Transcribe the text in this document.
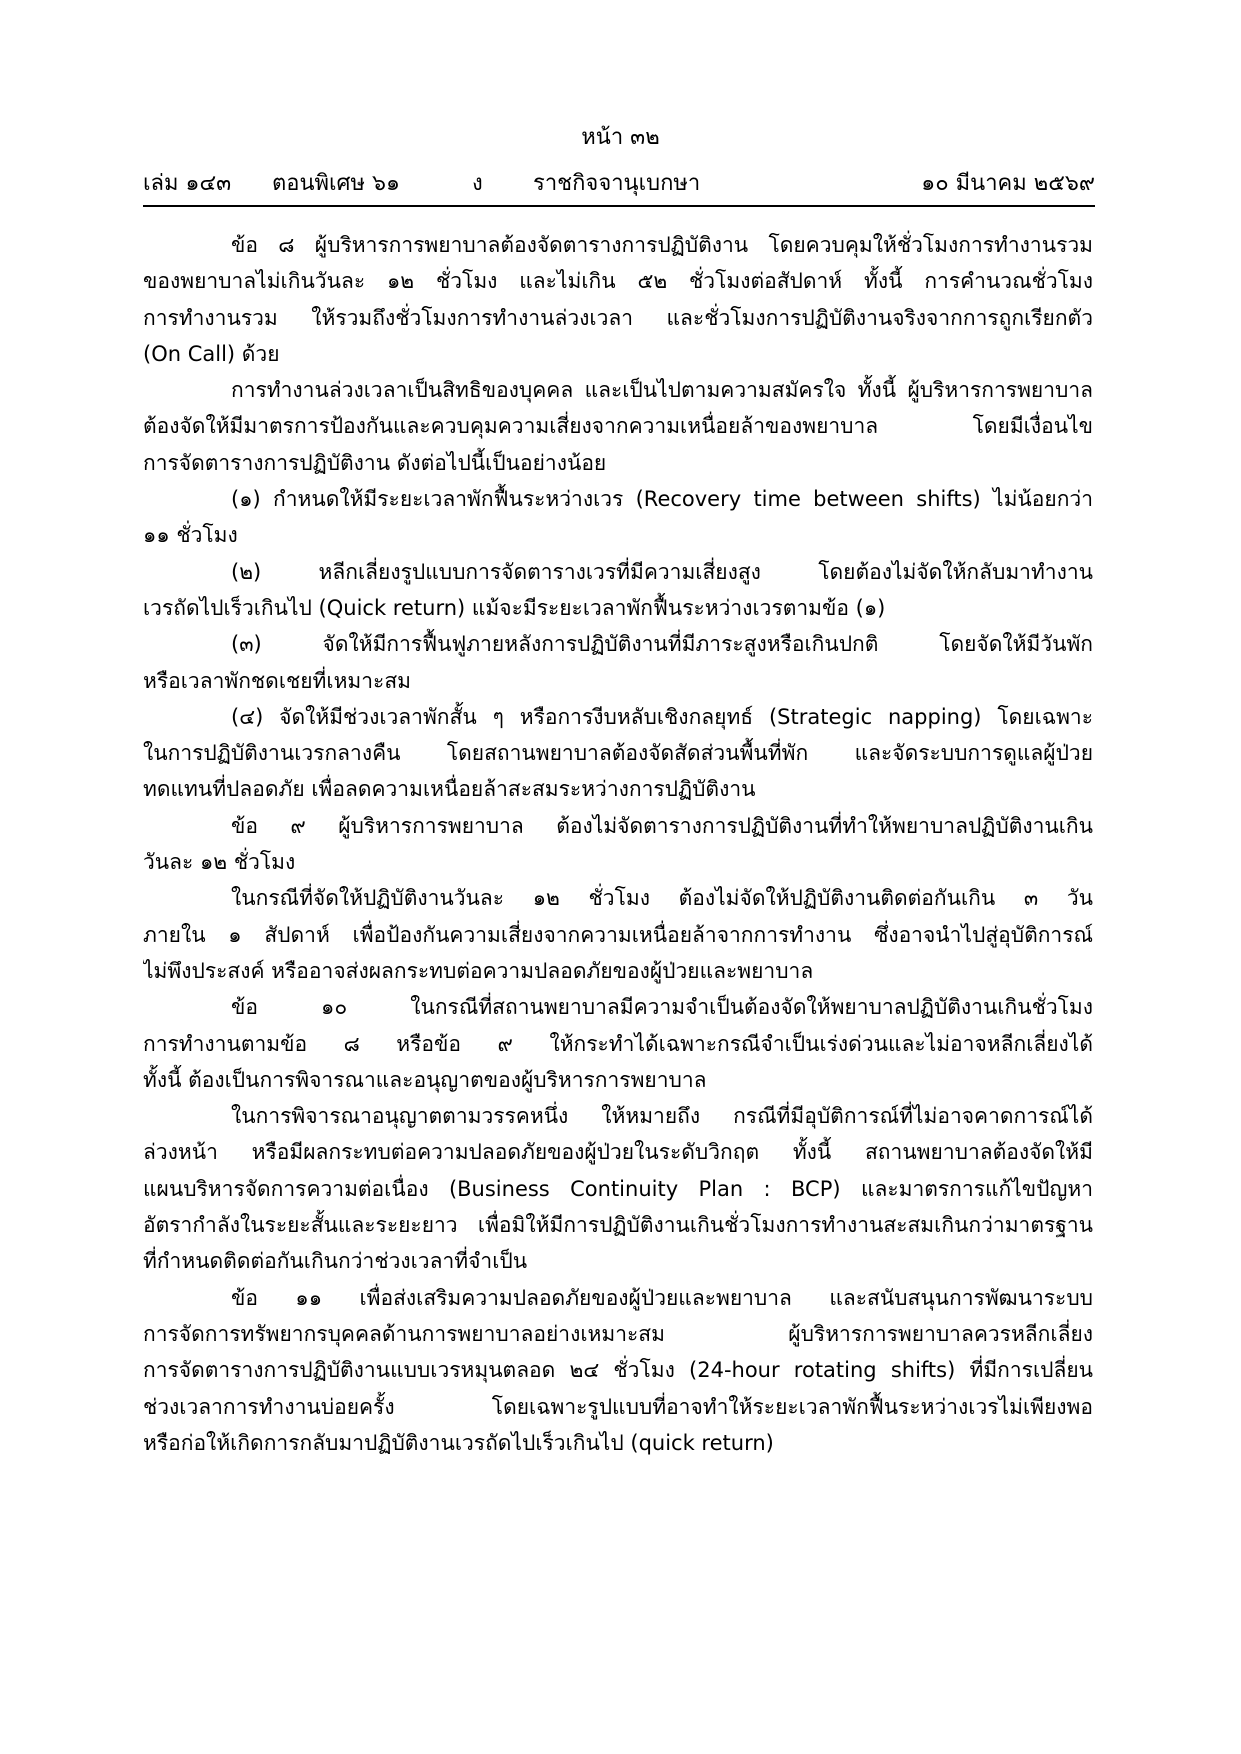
หน้า ๓๒
เล่ม ๑๔๓ ตอนพิเศษ ๖๑	ง ราชกิจจานุเบกษา	๑๐ มีนาคม ๒๕๖๙
ข้อ ๘ ผู้บริหารการพยาบาลต้องจัดตารางการปฏิบัติงาน โดยควบคุมให้ชั่วโมงการทำงานรวม
ของพยาบาลไม่เกินวันละ ๑๒ ชั่วโมง และไม่เกิน ๕๒ ชั่วโมงต่อสัปดาห์ ทั้งนี้ การคำนวณชั่วโมง
การทำงานรวม ให้รวมถึงชั่วโมงการทำงานล่วงเวลา และชั่วโมงการปฏิบัติงานจริงจากการถูกเรียกตัว
(On Call) ด้วย
การทำงานล่วงเวลาเป็นสิทธิของบุคคล และเป็นไปตามความสมัครใจ ทั้งนี้ ผู้บริหารการพยาบาล
ต้องจัดให้มีมาตรการป้องกันและควบคุมความเสี่ยงจากความเหนื่อยล้าของพยาบาล โดยมีเงื่อนไข
การจัดตารางการปฏิบัติงาน ดังต่อไปนี้เป็นอย่างน้อย
(๑) กำหนดให้มีระยะเวลาพักฟื้นระหว่างเวร (Recovery time between shifts) ไม่น้อยกว่า
๑๑ ชั่วโมง
(๒) หลีกเลี่ยงรูปแบบการจัดตารางเวรที่มีความเสี่ยงสูง โดยต้องไม่จัดให้กลับมาทำงาน
เวรถัดไปเร็วเกินไป (Quick return) แม้จะมีระยะเวลาพักฟื้นระหว่างเวรตามข้อ (๑)
(๓) จัดให้มีการฟื้นฟูภายหลังการปฏิบัติงานที่มีภาระสูงหรือเกินปกติ โดยจัดให้มีวันพัก
หรือเวลาพักชดเชยที่เหมาะสม
(๔) จัดให้มีช่วงเวลาพักสั้น ๆ หรือการงีบหลับเชิงกลยุทธ์ (Strategic napping) โดยเฉพาะ
ในการปฏิบัติงานเวรกลางคืน โดยสถานพยาบาลต้องจัดสัดส่วนพื้นที่พัก และจัดระบบการดูแลผู้ป่วย
ทดแทนที่ปลอดภัย เพื่อลดความเหนื่อยล้าสะสมระหว่างการปฏิบัติงาน
ข้อ ๙ ผู้บริหารการพยาบาล ต้องไม่จัดตารางการปฏิบัติงานที่ทำให้พยาบาลปฏิบัติงานเกิน
วันละ ๑๒ ชั่วโมง
ในกรณีที่จัดให้ปฏิบัติงานวันละ ๑๒ ชั่วโมง ต้องไม่จัดให้ปฏิบัติงานติดต่อกันเกิน ๓ วัน
ภายใน ๑ สัปดาห์ เพื่อป้องกันความเสี่ยงจากความเหนื่อยล้าจากการทำงาน ซึ่งอาจนำไปสู่อุบัติการณ์
ไม่พึงประสงค์ หรืออาจส่งผลกระทบต่อความปลอดภัยของผู้ป่วยและพยาบาล
ข้อ ๑๐ ในกรณีที่สถานพยาบาลมีความจำเป็นต้องจัดให้พยาบาลปฏิบัติงานเกินชั่วโมง
การทำงานตามข้อ ๘ หรือข้อ ๙ ให้กระทำได้เฉพาะกรณีจำเป็นเร่งด่วนและไม่อาจหลีกเลี่ยงได้
ทั้งนี้ ต้องเป็นการพิจารณาและอนุญาตของผู้บริหารการพยาบาล
ในการพิจารณาอนุญาตตามวรรคหนึ่ง ให้หมายถึง กรณีที่มีอุบัติการณ์ที่ไม่อาจคาดการณ์ได้
ล่วงหน้า หรือมีผลกระทบต่อความปลอดภัยของผู้ป่วยในระดับวิกฤต ทั้งนี้ สถานพยาบาลต้องจัดให้มี
แผนบริหารจัดการความต่อเนื่อง (Business Continuity Plan : BCP) และมาตรการแก้ไขปัญหา
อัตรากำลังในระยะสั้นและระยะยาว เพื่อมิให้มีการปฏิบัติงานเกินชั่วโมงการทำงานสะสมเกินกว่ามาตรฐาน
ที่กำหนดติดต่อกันเกินกว่าช่วงเวลาที่จำเป็น
ข้อ ๑๑ เพื่อส่งเสริมความปลอดภัยของผู้ป่วยและพยาบาล และสนับสนุนการพัฒนาระบบ
การจัดการทรัพยากรบุคคลด้านการพยาบาลอย่างเหมาะสม ผู้บริหารการพยาบาลควรหลีกเลี่ยง
การจัดตารางการปฏิบัติงานแบบเวรหมุนตลอด ๒๔ ชั่วโมง (24-hour rotating shifts) ที่มีการเปลี่ยน
ช่วงเวลาการทำงานบ่อยครั้ง โดยเฉพาะรูปแบบที่อาจทำให้ระยะเวลาพักฟื้นระหว่างเวรไม่เพียงพอ
หรือก่อให้เกิดการกลับมาปฏิบัติงานเวรถัดไปเร็วเกินไป (quick return)
